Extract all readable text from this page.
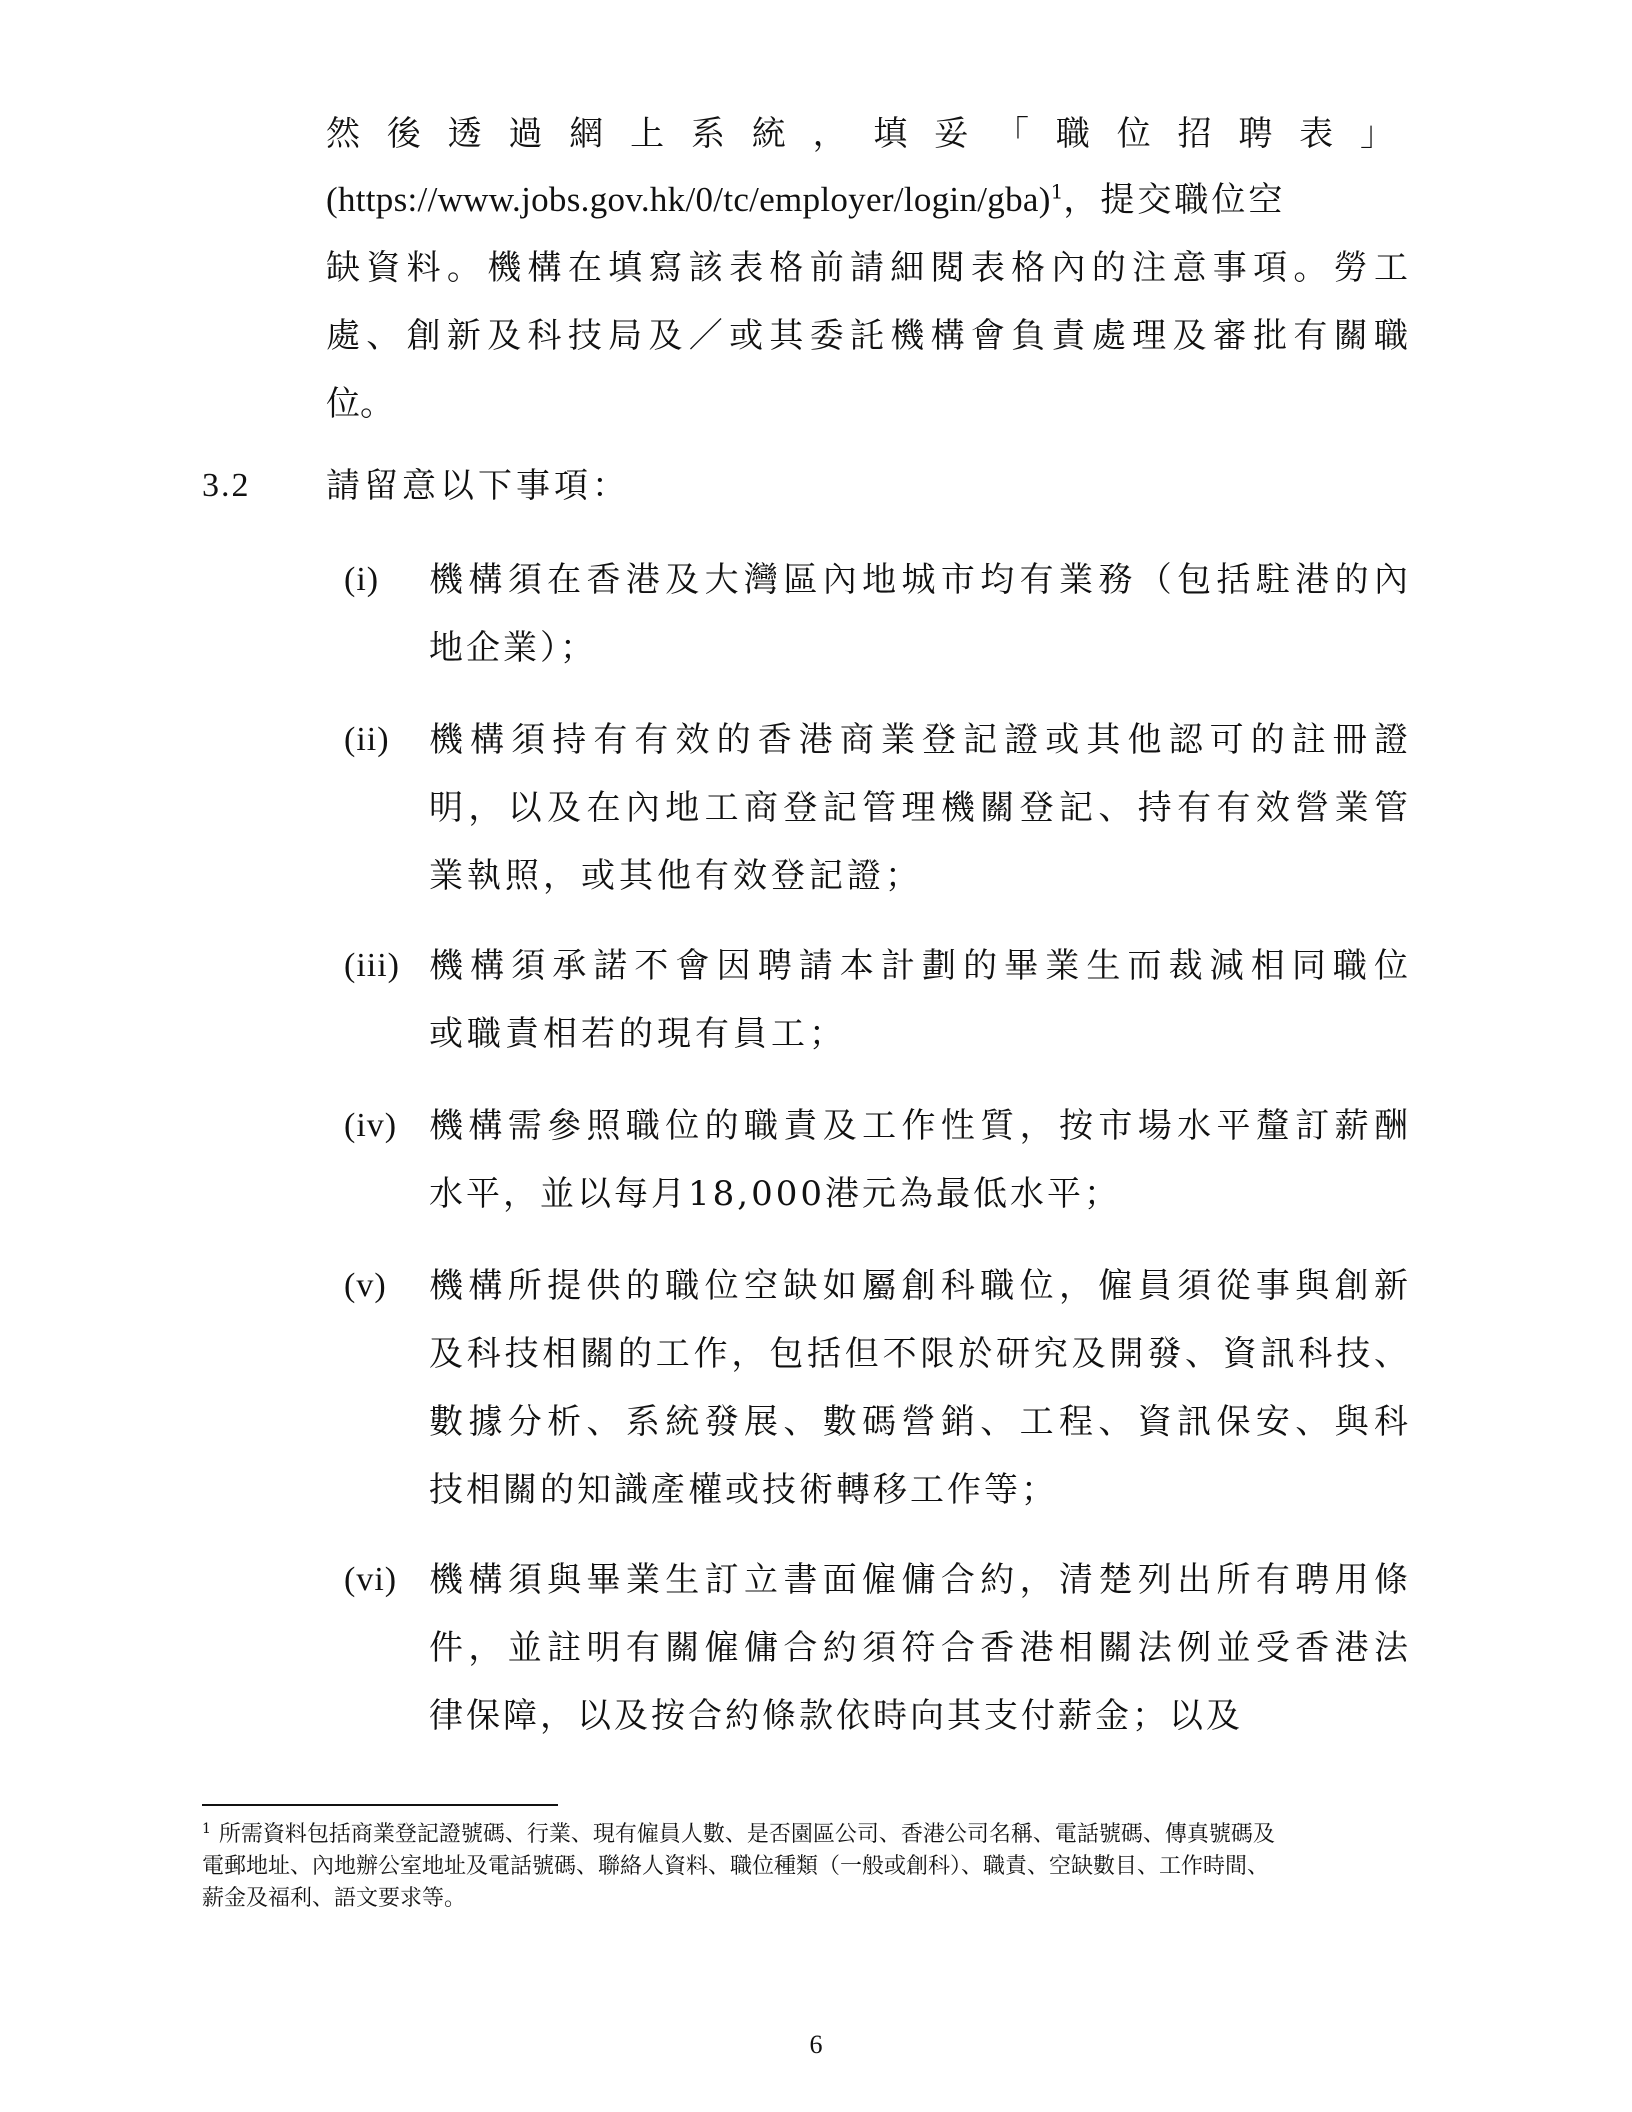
然後透過網上系統，填妥「職位招聘表」
(https://www.jobs.gov.hk/0/tc/employer/login/gba)$^1$，提交職位空
缺資料。機構在填寫該表格前請細閱表格內的注意事項。勞工
處、創新及科技局及／或其委託機構會負責處理及審批有關職
位。
3.2 請留意以下事項：
(i) 機構須在香港及大灣區內地城市均有業務（包括駐港的內
地企業）；
(ii) 機構須持有有效的香港商業登記證或其他認可的註冊證
明，以及在內地工商登記管理機關登記、持有有效營業管
業執照，或其他有效登記證；
(iii) 機構須承諾不會因聘請本計劃的畢業生而裁減相同職位
或職責相若的現有員工；
(iv) 機構需參照職位的職責及工作性質，按市場水平釐訂薪酬
水平，並以每月18,000港元為最低水平；
(v) 機構所提供的職位空缺如屬創科職位，僱員須從事與創新
及科技相關的工作，包括但不限於研究及開發、資訊科技、
數據分析、系統發展、數碼營銷、工程、資訊保安、與科
技相關的知識產權或技術轉移工作等；
(vi) 機構須與畢業生訂立書面僱傭合約，清楚列出所有聘用條
件，並註明有關僱傭合約須符合香港相關法例並受香港法
律保障，以及按合約條款依時向其支付薪金；以及
$^1$ 所需資料包括商業登記證號碼、行業、現有僱員人數、是否園區公司、香港公司名稱、電話號碼、傳真號碼及
電郵地址、內地辦公室地址及電話號碼、聯絡人資料、職位種類（一般或創科）、職責、空缺數目、工作時間、
薪金及福利、語文要求等。
6
